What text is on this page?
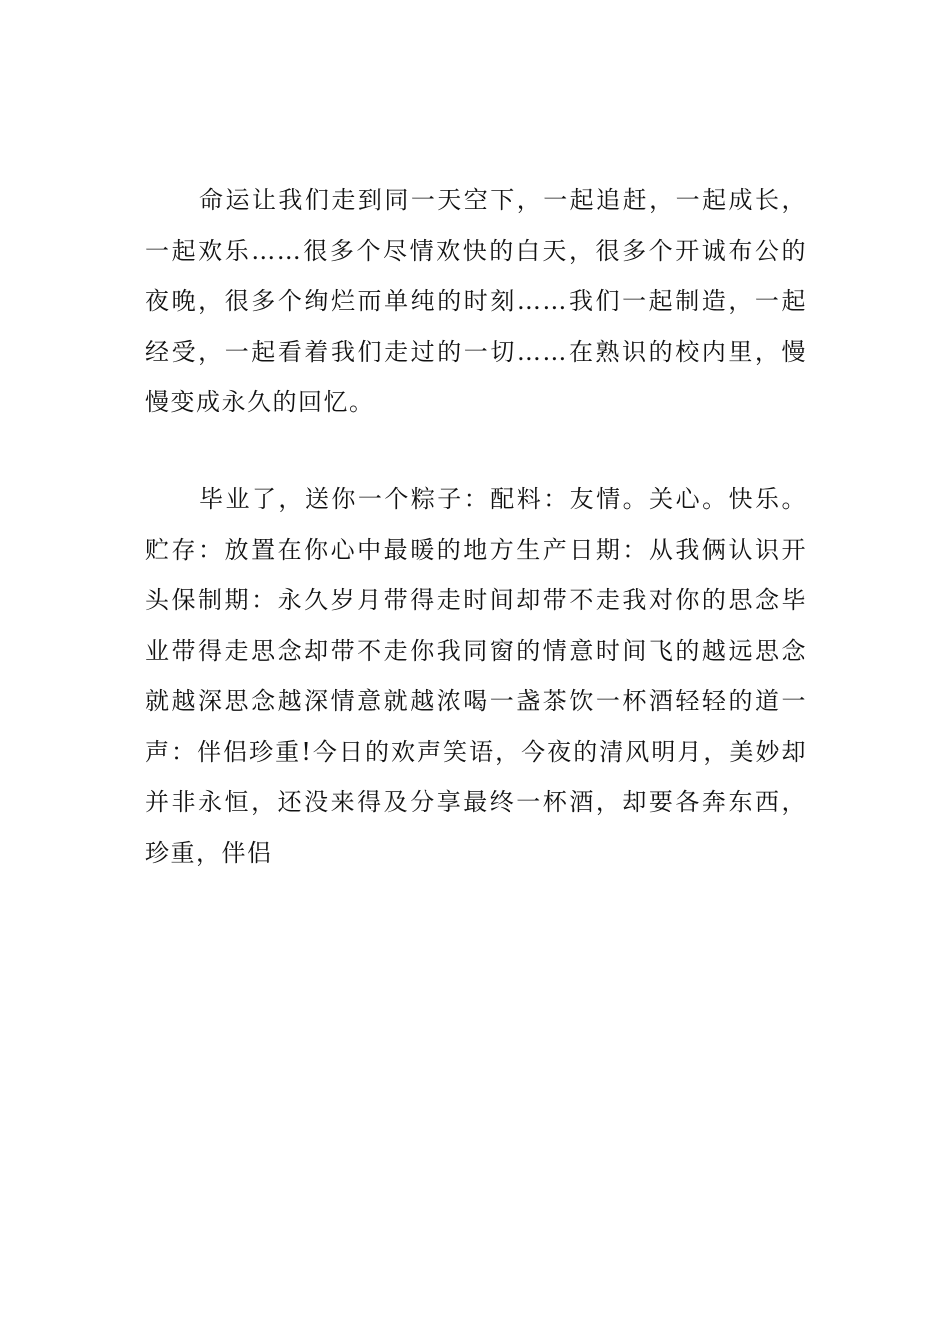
命运让我们走到同一天空下，一起追赶，一起成长，一起欢乐……很多个尽情欢快的白天，很多个开诚布公的夜晚，很多个绚烂而单纯的时刻……我们一起制造，一起经受，一起看着我们走过的一切……在熟识的校内里，慢慢变成永久的回忆。

毕业了，送你一个粽子：配料：友情。关心。快乐。贮存：放置在你心中最暖的地方生产日期：从我俩认识开头保制期：永久岁月带得走时间却带不走我对你的思念毕业带得走思念却带不走你我同窗的情意时间飞的越远思念就越深思念越深情意就越浓喝一盏茶饮一杯酒轻轻的道一声：伴侣珍重!今日的欢声笑语，今夜的清风明月，美妙却并非永恒，还没来得及分享最终一杯酒，却要各奔东西，珍重，伴侣
